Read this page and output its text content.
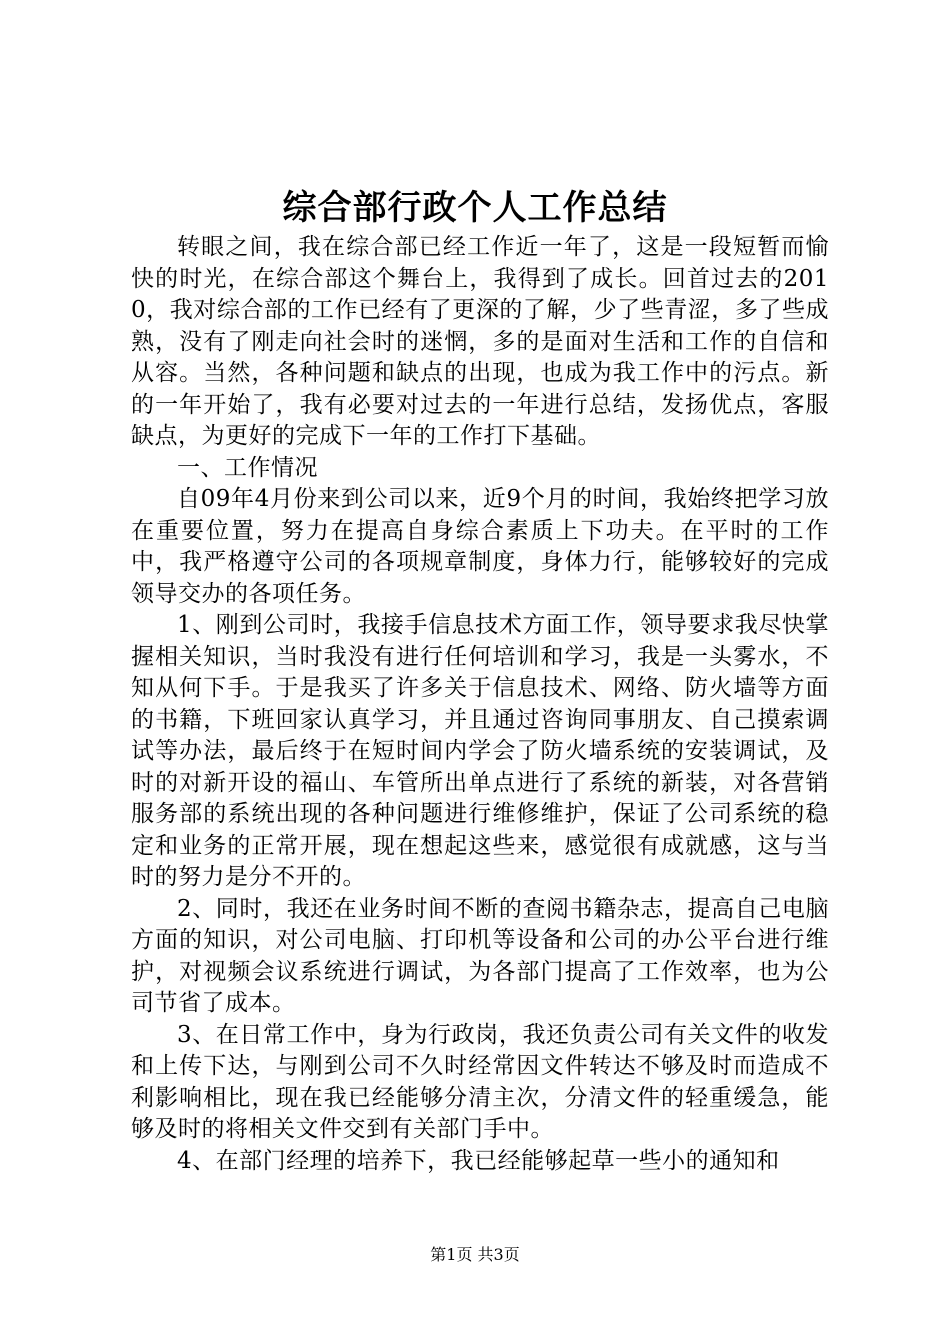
综合部行政个人工作总结

转眼之间，我在综合部已经工作近一年了，这是一段短暂而愉快的时光，在综合部这个舞台上，我得到了成长。回首过去的2010，我对综合部的工作已经有了更深的了解，少了些青涩，多了些成熟，没有了刚走向社会时的迷惘，多的是面对生活和工作的自信和从容。当然，各种问题和缺点的出现，也成为我工作中的污点。新的一年开始了，我有必要对过去的一年进行总结，发扬优点，客服缺点，为更好的完成下一年的工作打下基础。

一、工作情况

自09年4月份来到公司以来，近9个月的时间，我始终把学习放在重要位置，努力在提高自身综合素质上下功夫。在平时的工作中，我严格遵守公司的各项规章制度，身体力行，能够较好的完成领导交办的各项任务。

1、刚到公司时，我接手信息技术方面工作，领导要求我尽快掌握相关知识，当时我没有进行任何培训和学习，我是一头雾水，不知从何下手。于是我买了许多关于信息技术、网络、防火墙等方面的书籍，下班回家认真学习，并且通过咨询同事朋友、自己摸索调试等办法，最后终于在短时间内学会了防火墙系统的安装调试，及时的对新开设的福山、车管所出单点进行了系统的新装，对各营销服务部的系统出现的各种问题进行维修维护，保证了公司系统的稳定和业务的正常开展，现在想起这些来，感觉很有成就感，这与当时的努力是分不开的。

2、同时，我还在业务时间不断的查阅书籍杂志，提高自己电脑方面的知识，对公司电脑、打印机等设备和公司的办公平台进行维护，对视频会议系统进行调试，为各部门提高了工作效率，也为公司节省了成本。

3、在日常工作中，身为行政岗，我还负责公司有关文件的收发和上传下达，与刚到公司不久时经常因文件转达不够及时而造成不利影响相比，现在我已经能够分清主次，分清文件的轻重缓急，能够及时的将相关文件交到有关部门手中。

4、在部门经理的培养下，我已经能够起草一些小的通知和

第1页 共3页
